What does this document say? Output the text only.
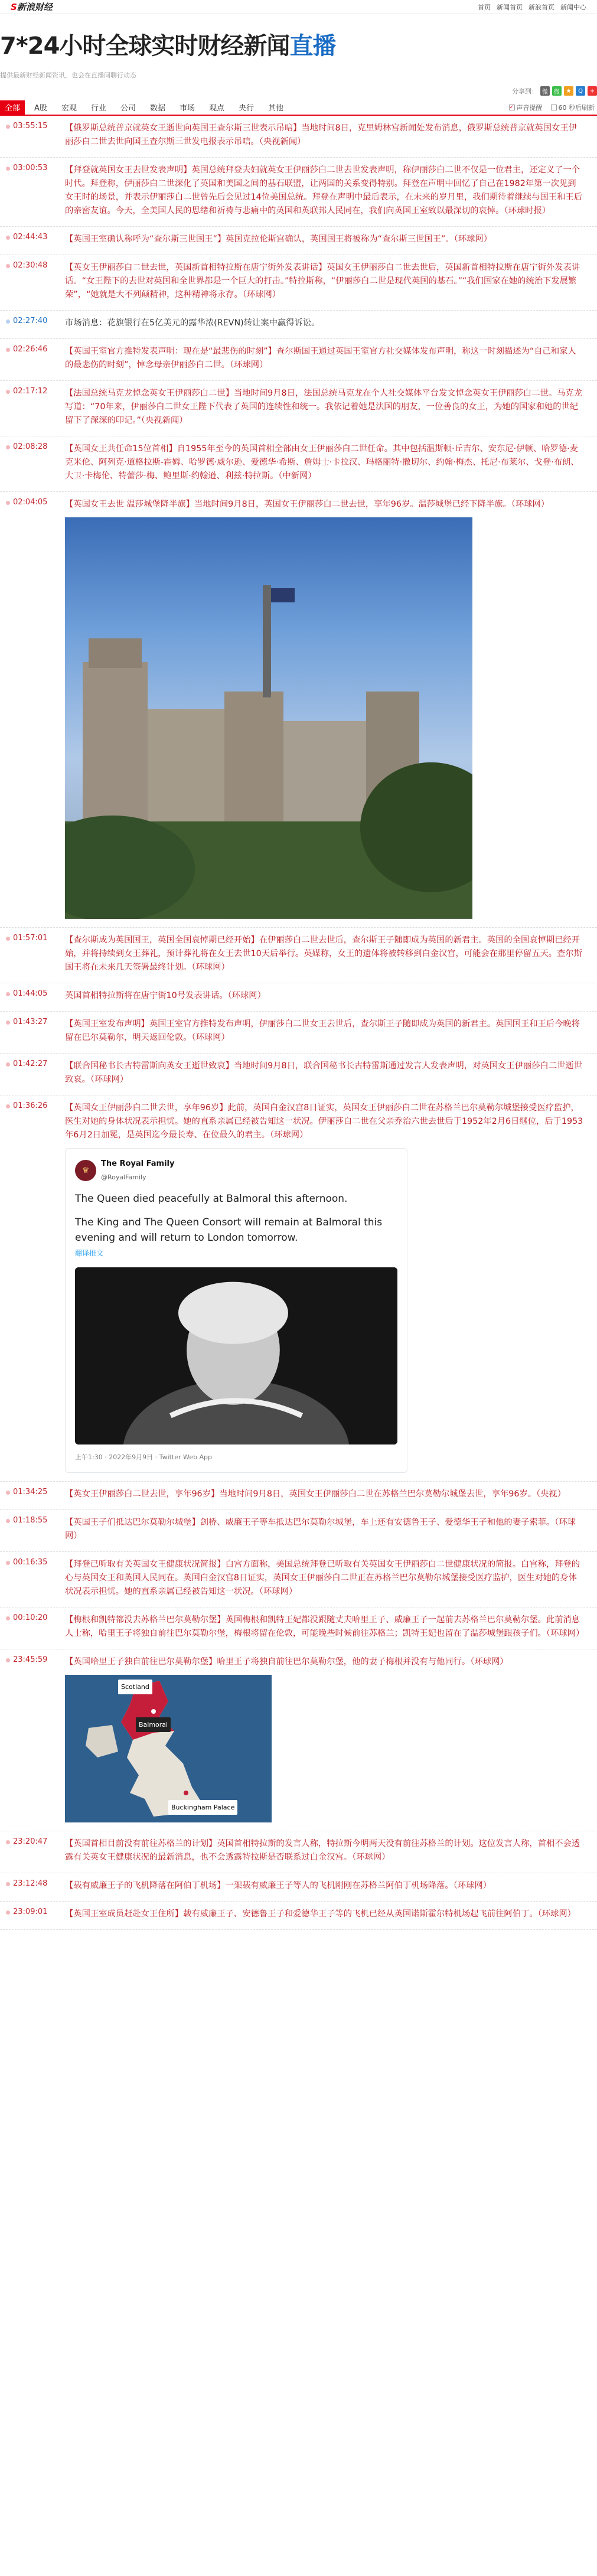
S新浪财经	首页 新闻首页 新浪首页 新闻中心
7*24小时全球实时财经新闻直播
提供最新财经新闻资讯，也会在直播间聊行动态
分享到： 微	微	★	Q	+
全部	A股	宏观	行业	公司	数据	市场	观点	央行	其他	✓ 声音提醒 60 秒后刷新
03:55:15	【俄罗斯总统普京就英女王逝世向英国王查尔斯三世表示吊唁】当地时间8日，克里姆林宫新闻处发布消息，俄罗斯总统普京就英国女王伊丽莎白二世去世向国王查尔斯三世发电报表示吊唁。（央视新闻）
03:00:53	【拜登就英国女王去世发表声明】英国总统拜登夫妇就英女王伊丽莎白二世去世发表声明，称伊丽莎白二世不仅是一位君主，还定义了一个时代。拜登称，伊丽莎白二世深化了英国和美国之间的基石联盟，让两国的关系变得特别。拜登在声明中回忆了自己在1982年第一次见到女王时的场景，并表示伊丽莎白二世曾先后会见过14位美国总统。拜登在声明中最后表示，在未来的岁月里，我们期待着继续与国王和王后的亲密友谊。今天，全美国人民的思绪和祈祷与悲痛中的英国和英联邦人民同在，我们向英国王室致以最深切的哀悼。（环球时报）
02:44:43	【英国王室确认称呼为“查尔斯三世国王”】英国克拉伦斯宫确认，英国国王将被称为“查尔斯三世国王”。（环球网）
02:30:48	【英女王伊丽莎白二世去世，英国新首相特拉斯在唐宁街外发表讲话】英国女王伊丽莎白二世去世后，英国新首相特拉斯在唐宁街外发表讲话。“女王陛下的去世对英国和全世界都是一个巨大的打击。”特拉斯称，“伊丽莎白二世是现代英国的基石。”“我们国家在她的统治下发展繁荣”，“她就是大不列颠精神，这种精神将永存。（环球网）
02:27:40	市场消息：花旗银行在5亿美元的露华浓(REVN)转让案中赢得诉讼。
02:26:46	【英国王室官方推特发表声明：现在是“最悲伤的时刻”】查尔斯国王通过英国王室官方社交媒体发布声明，称这一时刻描述为“自己和家人的最悲伤的时刻”，悼念母亲伊丽莎白二世。（环球网）
02:17:12	【法国总统马克龙悼念英女王伊丽莎白二世】当地时间9月8日，法国总统马克龙在个人社交媒体平台发文悼念英女王伊丽莎白二世。马克龙写道：“70年来，伊丽莎白二世女王陛下代表了英国的连续性和统一。我依记着她是法国的朋友，一位善良的女王，为她的国家和她的世纪留下了深深的印记。”（央视新闻）
02:08:28	【英国女王共任命15位首相】自1955年至今的英国首相全部由女王伊丽莎白二世任命。其中包括温斯顿·丘吉尔、安东尼·伊顿、哈罗德·麦克米伦、阿列克·道格拉斯-霍姆、哈罗德·威尔逊、爱德华·希斯、詹姆士·卡拉汉、玛格丽特·撒切尔、约翰·梅杰、托尼·布莱尔、戈登·布朗、大卫·卡梅伦、特蕾莎·梅、鲍里斯·约翰逊、利兹·特拉斯。（中新网）
02:04:05	【英国女王去世 温莎城堡降半旗】当地时间9月8日，英国女王伊丽莎白二世去世，享年96岁。温莎城堡已经下降半旗。（环球网）
01:57:01	【查尔斯成为英国国王，英国全国哀悼期已经开始】在伊丽莎白二世去世后，查尔斯王子随即成为英国的新君主。英国的全国哀悼期已经开始，并将持续到女王葬礼，预计葬礼将在女王去世10天后举行。英媒称，女王的遗体将被转移到白金汉宫，可能会在那里停留五天。查尔斯国王将在未来几天签署最终计划。（环球网）
01:44:05	英国首相特拉斯将在唐宁街10号发表讲话。（环球网）
01:43:27	【英国王室发布声明】英国王室官方推特发布声明，伊丽莎白二世女王去世后，查尔斯王子随即成为英国的新君主。英国国王和王后今晚将留在巴尔莫勒尔，明天返回伦敦。（环球网）
01:42:27	【联合国秘书长古特雷斯向英女王逝世致哀】当地时间9月8日，联合国秘书长古特雷斯通过发言人发表声明，对英国女王伊丽莎白二世逝世致哀。（环球网）
01:36:26	【英国女王伊丽莎白二世去世，享年96岁】此前，英国白金汉宫8日证实，英国女王伊丽莎白二世在苏格兰巴尔莫勒尔城堡接受医疗监护，医生对她的身体状况表示担忧。她的直系亲属已经被告知这一状况。伊丽莎白二世在父亲乔治六世去世后于1952年2月6日继位，后于1953年6月2日加冕，是英国迄今最长寿、在位最久的君主。（环球网）
♛
The Royal Family
@RoyalFamily
The Queen died peacefully at Balmoral this afternoon.
The King and The Queen Consort will remain at Balmoral this evening and will return to London tomorrow.
翻译推文
上午1:30 · 2022年9月9日 · Twitter Web App
01:34:25	【英女王伊丽莎白二世去世，享年96岁】当地时间9月8日，英国女王伊丽莎白二世在苏格兰巴尔莫勒尔城堡去世，享年96岁。（央视）
01:18:55	【英国王子们抵达巴尔莫勒尔城堡】剑桥、威廉王子等车抵达巴尔莫勒尔城堡，车上还有安德鲁王子、爱德华王子和他的妻子索菲。（环球网）
00:16:35	【拜登已听取有关英国女王健康状况简报】白宫方面称，美国总统拜登已听取有关英国女王伊丽莎白二世健康状况的简报。白宫称，拜登的心与英国女王和英国人民同在。英国白金汉宫8日证实，英国女王伊丽莎白二世正在苏格兰巴尔莫勒尔城堡接受医疗监护，医生对她的身体状况表示担忧。她的直系亲属已经被告知这一状况。（环球网）
00:10:20	【梅根和凯特都没去苏格兰巴尔莫勒尔堡】英国梅根和凯特王妃都没跟随丈夫哈里王子、威廉王子一起前去苏格兰巴尔莫勒尔堡。此前消息人士称，哈里王子将独自前往巴尔莫勒尔堡，梅根将留在伦敦，可能晚些时候前往苏格兰；凯特王妃也留在了温莎城堡跟孩子们。（环球网）
23:45:59	【英国哈里王子独自前往巴尔莫勒尔堡】哈里王子将独自前往巴尔莫勒尔堡，他的妻子梅根并没有与他同行。（环球网）
Scotland
Balmoral
Buckingham Palace
23:20:47	【英国首相目前没有前往苏格兰的计划】英国首相特拉斯的发言人称，特拉斯今明两天没有前往苏格兰的计划。这位发言人称，首相不会透露有关英女王健康状况的最新消息，也不会透露特拉斯是否联系过白金汉宫。（环球网）
23:12:48	【载有威廉王子的飞机降落在阿伯丁机场】一架载有威廉王子等人的飞机刚刚在苏格兰阿伯丁机场降落。（环球网）
23:09:01	【英国王室成员赶赴女王住所】载有威廉王子、安德鲁王子和爱德华王子等的飞机已经从英国诺斯霍尔特机场起飞前往阿伯丁。（环球网）
